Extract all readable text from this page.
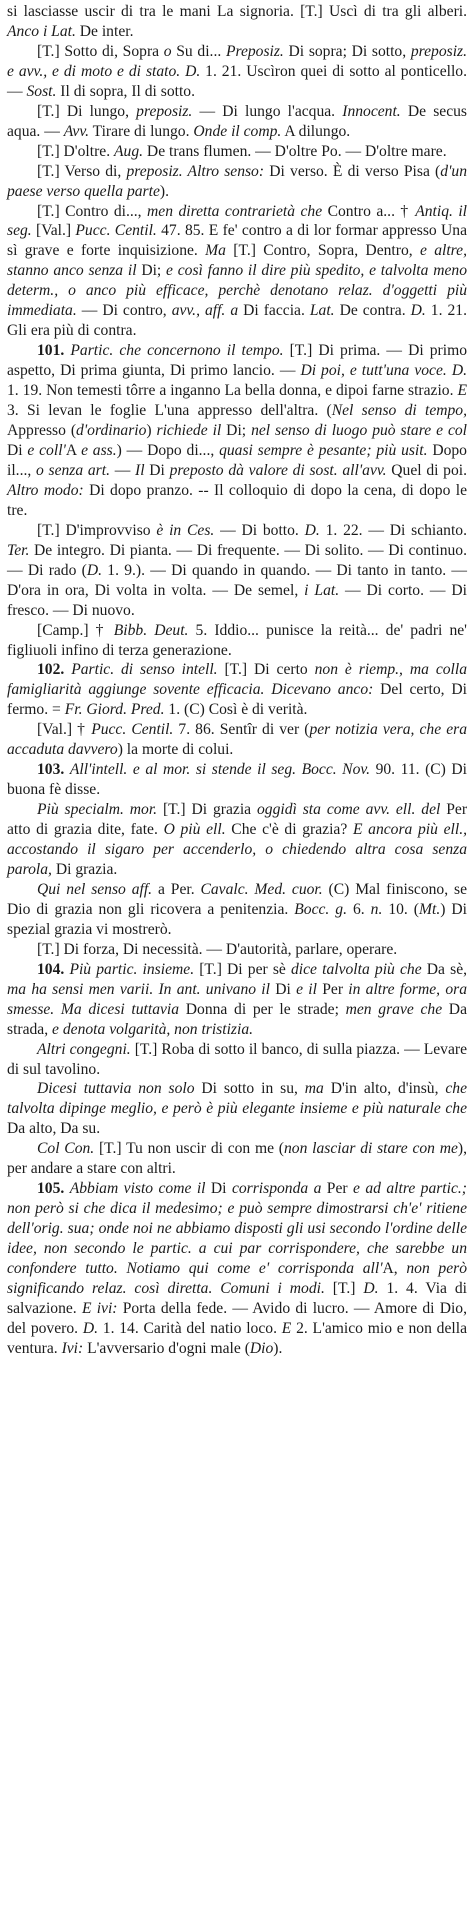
si lasciasse uscir di tra le mani La signoria. [T.] Uscì di tra gli alberi. Anco i Lat. De inter.

[T.] Sotto di, Sopra o Su di... Preposiz. Di sopra; Di sotto, preposiz. e avv., e di moto e di stato. D. 1. 21. Uscìron quei di sotto al ponticello. — Sost. Il di sopra, Il di sotto.

[T.] Di lungo, preposiz. — Di lungo l'acqua. Innocent. De secus aqua. — Avv. Tirare di lungo. Onde il comp. A dilungo.

[T.] D'oltre. Aug. De trans flumen. — D'oltre Po. — D'oltre mare.

[T.] Verso di, preposiz. Altro senso: Di verso. È di verso Pisa (d'un paese verso quella parte).

[T.] Contro di..., men diretta contrarietà che Contro a... † Antiq. il seg. [Val.] Pucc. Centil. 47. 85. E fe' contro a di lor formar appresso Una sì grave e forte inquisizione. Ma [T.] Contro, Sopra, Dentro, e altre, stanno anco senza il Di; e così fanno il dire più spedito, e talvolta meno determ., o anco più efficace, perchè denotano relaz. d'oggetti più immediata. — Di contro, avv., aff. a Di faccia. Lat. De contra. D. 1. 21. Gli era più di contra.

101. Partic. che concernono il tempo. [T.] Di prima. — Di primo aspetto, Di prima giunta, Di primo lancio. — Di poi, e tutt'una voce. D. 1. 19. Non temesti tôrre a inganno La bella donna, e dipoi farne strazio. E 3. Si levan le foglie L'una appresso dell'altra. (Nel senso di tempo, Appresso (d'ordinario) richiede il Di; nel senso di luogo può stare e col Di e coll'A e ass.) — Dopo di..., quasi sempre è pesante; più usit. Dopo il..., o senza art. — Il Di preposto dà valore di sost. all'avv. Quel di poi. Altro modo: Di dopo pranzo. -- Il colloquio di dopo la cena, di dopo le tre.

[T.] D'improvviso è in Ces. — Di botto. D. 1. 22. — Di schianto. Ter. De integro. Di pianta. — Di frequente. — Di solito. — Di continuo. — Di rado (D. 1. 9.). — Di quando in quando. — Di tanto in tanto. — D'ora in ora, Di volta in volta. — De semel, i Lat. — Di corto. — Di fresco. — Di nuovo.

[Camp.] † Bibb. Deut. 5. Iddio... punisce la reità... de' padri ne' figliuoli infino di terza generazione.

102. Partic. di senso intell. [T.] Di certo non è riemp., ma colla famigliarità aggiunge sovente efficacia. Dicevano anco: Del certo, Di fermo. = Fr. Giord. Pred. 1. (C) Così è di verità.

[Val.] † Pucc. Centil. 7. 86. Sentîr di ver (per notizia vera, che era accaduta davvero) la morte di colui.

103. All'intell. e al mor. si stende il seg. Bocc. Nov. 90. 11. (C) Di buona fè disse.

Più specialm. mor. [T.] Di grazia oggidì sta come avv. ell. del Per atto di grazia dite, fate. O più ell. Che c'è di grazia? E ancora più ell., accostando il sigaro per accenderlo, o chiedendo altra cosa senza parola, Di grazia.

Qui nel senso aff. a Per. Cavalc. Med. cuor. (C) Mal finiscono, se Dio di grazia non gli ricovera a penitenzia. Bocc. g. 6. n. 10. (Mt.) Di spezial grazia vi mostrerò.

[T.] Di forza, Di necessità. — D'autorità, parlare, operare.

104. Più partic. insieme. [T.] Di per sè dice talvolta più che Da sè, ma ha sensi men varii. In ant. univano il Di e il Per in altre forme, ora smesse. Ma dicesi tuttavia Donna di per le strade; men grave che Da strada, e denota volgarità, non tristizia.

Altri congegni. [T.] Roba di sotto il banco, di sulla piazza. — Levare di sul tavolino.

Dicesi tuttavia non solo Di sotto in su, ma D'in alto, d'insù, che talvolta dipinge meglio, e però è più elegante insieme e più naturale che Da alto, Da su.

Col Con. [T.] Tu non uscir di con me (non lasciar di stare con me), per andare a stare con altri.

105. Abbiam visto come il Di corrisponda a Per e ad altre partic.; non però si che dica il medesimo; e può sempre dimostrarsi ch'e' ritiene dell'orig. sua; onde noi ne abbiamo disposti gli usi secondo l'ordine delle idee, non secondo le partic. a cui par corrispondere, che sarebbe un confondere tutto. Notiamo qui come e' corrisponda all'A, non però significando relaz. così diretta. Comuni i modi. [T.] D. 1. 4. Via di salvazione. E ivi: Porta della fede. — Avido di lucro. — Amore di Dio, del povero. D. 1. 14. Carità del natio loco. E 2. L'amico mio e non della ventura. Ivi: L'avversario d'ogni male (Dio).
